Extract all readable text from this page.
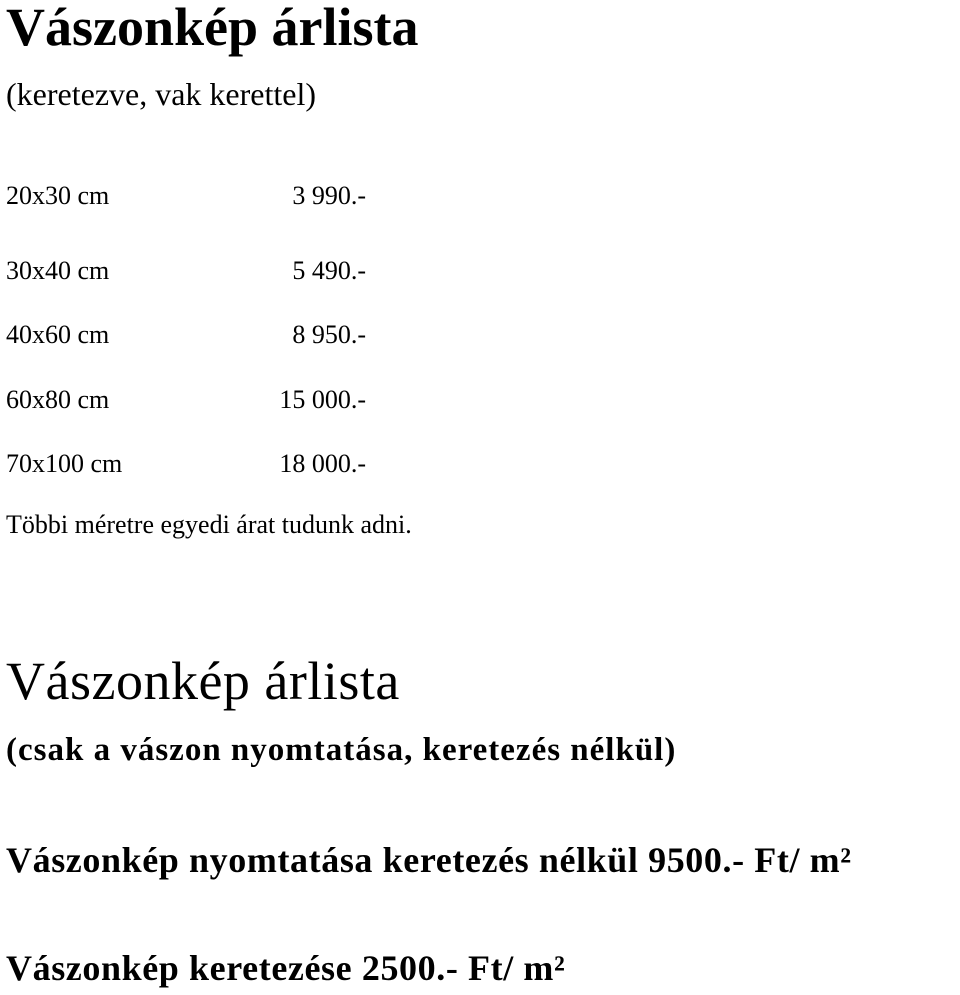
Vászonkép árlista
(keretezve, vak kerettel)
20x30 cm	3 990.-
30x40 cm	5 490.-
40x60 cm	8 950.-
60x80 cm	15 000.-
70x100 cm	18 000.-
Többi méretre egyedi árat tudunk adni.
Vászonkép árlista
(csak a vászon nyomtatása, keretezés nélkül)
Vászonkép nyomtatása keretezés nélkül 9500.- Ft/ m²
Vászonkép keretezése 2500.- Ft/ m²
